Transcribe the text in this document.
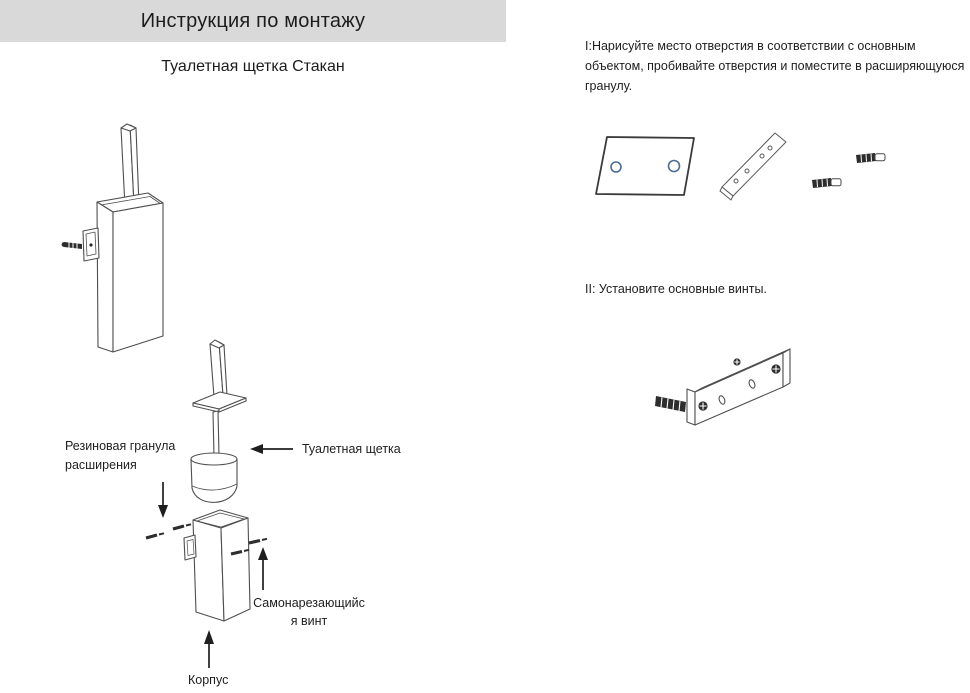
Инструкция по монтажу
Туалетная щетка Стакан
Резиновая гранула расширения
Туалетная щетка
Самонарезающийс
я винт
Корпус
I:Нарисуйте место отверстия в соответствии с основным объектом, пробивайте отверстия и поместите в расширяющуюся гранулу.
II: Установите основные винты.
